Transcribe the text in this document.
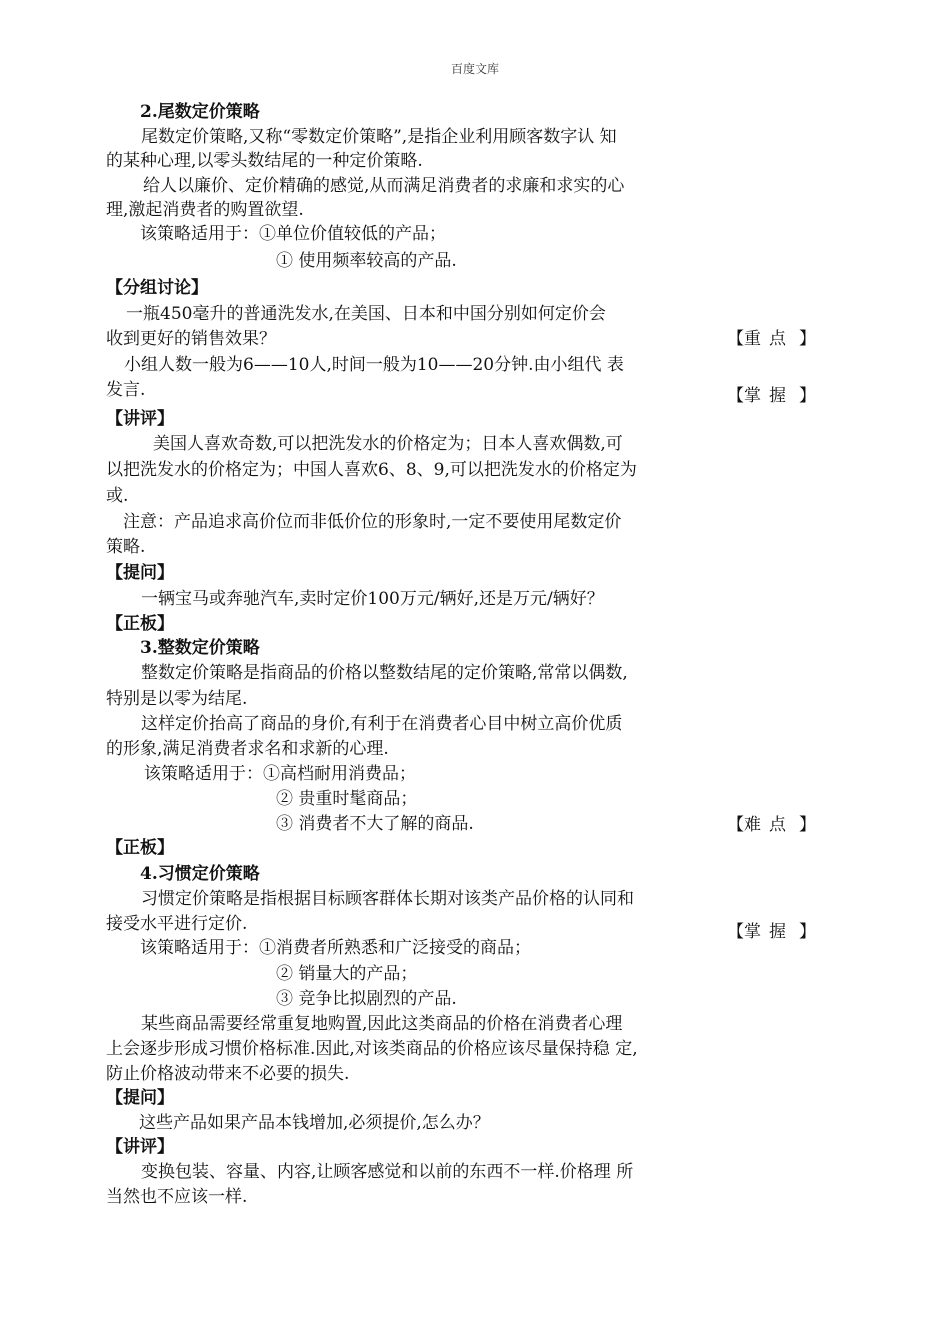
百度文库
2.尾数定价策略
尾数定价策略,又称“零数定价策略”,是指企业利用顾客数字认 知
的某种心理,以零头数结尾的一种定价策略.
给人以廉价、定价精确的感觉,从而满足消费者的求廉和求实的心
理,激起消费者的购置欲望.
该策略适用于：①单位价值较低的产品；
① 使用频率较高的产品.
【分组讨论】
一瓶450毫升的普通洗发水,在美国、日本和中国分别如何定价会
收到更好的销售效果？
小组人数一般为6——10人,时间一般为10——20分钟.由小组代 表
发言.
【讲评】
美国人喜欢奇数,可以把洗发水的价格定为；日本人喜欢偶数,可
以把洗发水的价格定为；中国人喜欢6、8、9,可以把洗发水的价格定为
或.
注意：产品追求高价位而非低价位的形象时,一定不要使用尾数定价
策略.
【提问】
一辆宝马或奔驰汽车,卖时定价100万元/辆好,还是万元/辆好？
【正板】
3.整数定价策略
整数定价策略是指商品的价格以整数结尾的定价策略,常常以偶数,
特别是以零为结尾.
这样定价抬高了商品的身价,有利于在消费者心目中树立高价优质
的形象,满足消费者求名和求新的心理.
该策略适用于：①高档耐用消费品；
② 贵重时髦商品；
③ 消费者不大了解的商品.
【正板】
4.习惯定价策略
习惯定价策略是指根据目标顾客群体长期对该类产品价格的认同和
接受水平进行定价.
该策略适用于：①消费者所熟悉和广泛接受的商品；
② 销量大的产品；
③ 竞争比拟剧烈的产品.
某些商品需要经常重复地购置,因此这类商品的价格在消费者心理
上会逐步形成习惯价格标准.因此,对该类商品的价格应该尽量保持稳 定,
防止价格波动带来不必要的损失.
【提问】
这些产品如果产品本钱增加,必须提价,怎么办？
【讲评】
变换包装、容量、内容,让顾客感觉和以前的东西不一样.价格理 所
当然也不应该一样.
【重 点 】
【掌 握 】
【难 点 】
【掌 握 】
